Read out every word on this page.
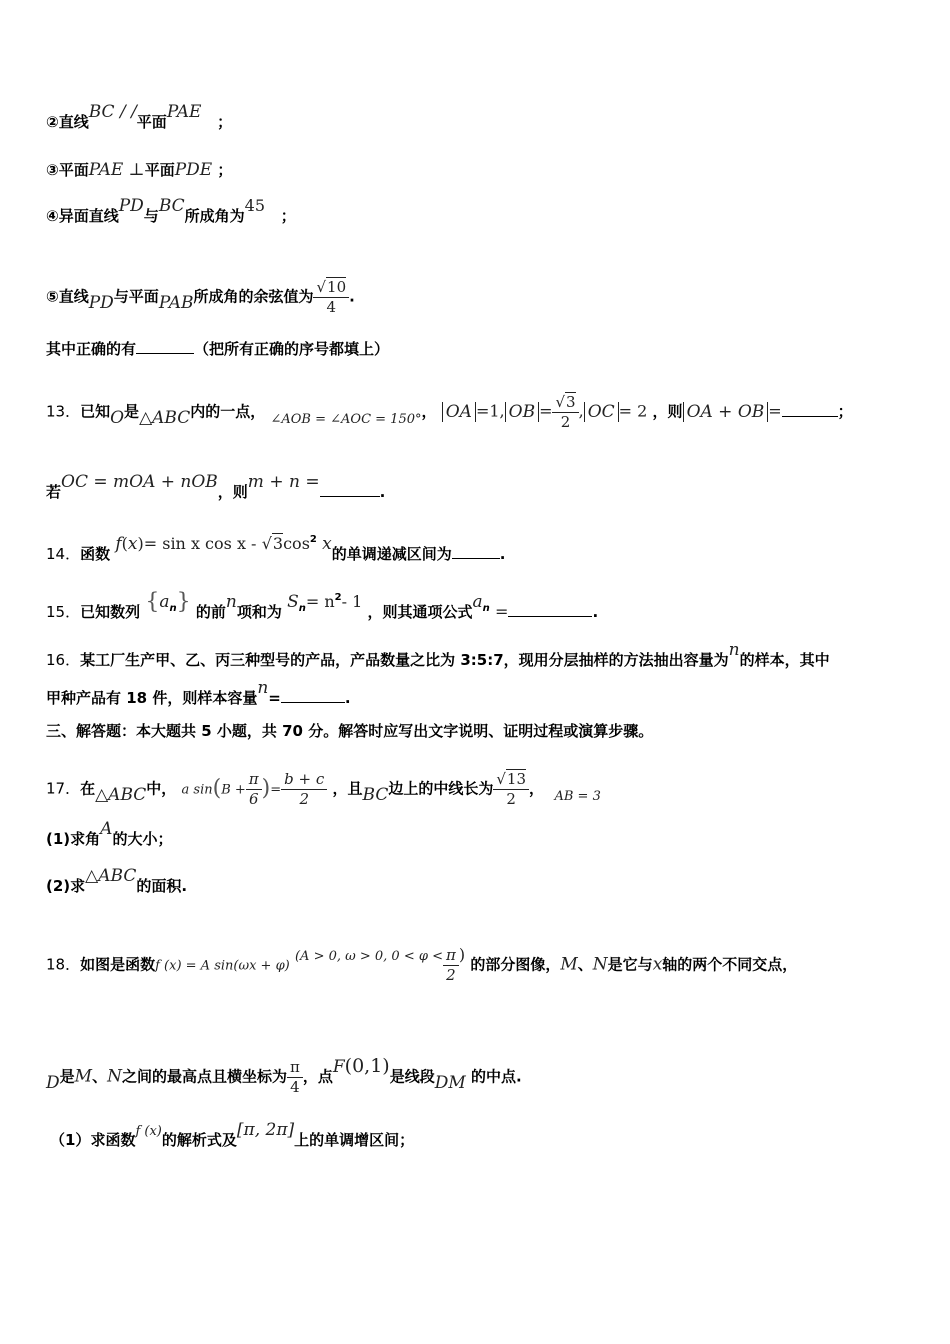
②直线BC / /平面PAE ；
③平面PAE ⊥平面PDE ；
④异面直线PD与BC所成角为45   ；
⑤直线PD与平面PAB所成角的余弦值为 $\frac{√10}{4}$ .
其中正确的有	（把所有正确的序号都填上）
13．已知O是△ABC内的一点， ∠AOB = ∠AOC = 150°， OA =1, OB = $\frac{√3}{2}$ , OC = 2 ，则 OA + OB =	；
若OC = mOA + nOB，则m + n =	.
14．函数 f(x)= sin x cos x - $√3\cos^2$ x的单调递减区间为	.
15．已知数列 $\{a_n\}$ 的前n项和为 $S_n= n^2-$ 1 ，则其通项公式$a_n$ =	.
16．某工厂生产甲、乙、丙三种型号的产品，产品数量之比为 3:5:7，现用分层抽样的方法抽出容量为n的样本，其中
甲种产品有 18 件，则样本容量n=	.
三、解答题：本大题共 5 小题，共 70 分。解答时应写出文字说明、证明过程或演算步骤。
17．在△ABC中， a $\sin(B + \frac{\pi}{6}$ )= $\frac{b + c}{2}$ ，且BC边上的中线长为 $\frac{√13}{2}$ ， AB = 3
(1)求角A的大小；
(2)求△ABC的面积.
18．如图是函数f (x) = A sin(ωx + φ) (A > 0, ω > 0, $0 < \varphi < \frac{\pi}{2}$ ) 的部分图像，M、N是它与x轴的两个不同交点，
D是M、N之间的最高点且横坐标为 $\frac{\pi}{4}$ ，点F(0,1)是线段DM 的中点.
（1）求函数f (x)的解析式及[π, 2π]上的单调增区间；
